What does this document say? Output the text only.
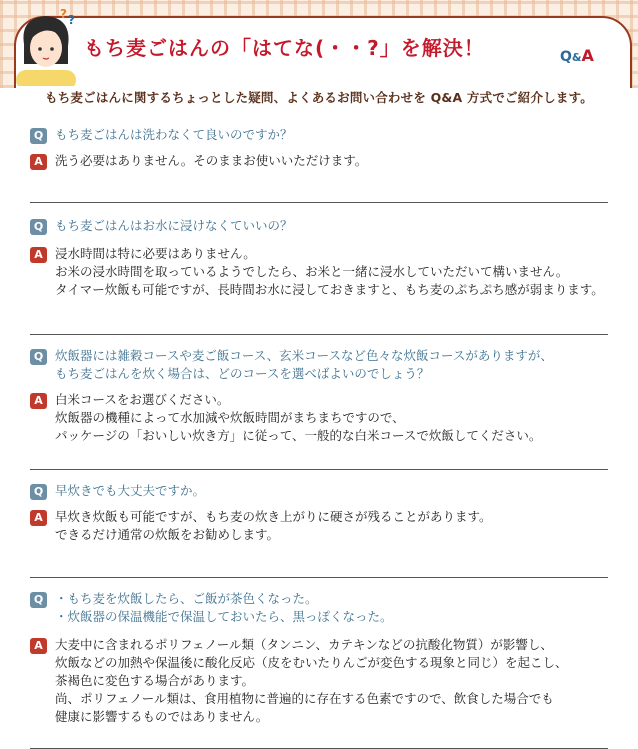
? ?
もち麦ごはんの「はてな(・・?」を解決！	Q&A
もち麦ごはんに関するちょっとした疑問、よくあるお問い合わせを Q&A 方式でご紹介します。
Q もち麦ごはんは洗わなくて良いのですか？
A 洗う必要はありません。そのままお使いいただけます。
Q もち麦ごはんはお水に浸けなくていいの？
A 浸水時間は特に必要はありません。
お米の浸水時間を取っているようでしたら、お米と一緒に浸水していただいて構いません。
タイマー炊飯も可能ですが、長時間お水に浸しておきますと、もち麦のぷちぷち感が弱まります。
Q 炊飯器には雑穀コースや麦ご飯コース、玄米コースなど色々な炊飯コースがありますが、
もち麦ごはんを炊く場合は、どのコースを選べばよいのでしょう？
A 白米コースをお選びください。
炊飯器の機種によって水加減や炊飯時間がまちまちですので、
パッケージの「おいしい炊き方」に従って、一般的な白米コースで炊飯してください。
Q 早炊きでも大丈夫ですか。
A 早炊き炊飯も可能ですが、もち麦の炊き上がりに硬さが残ることがあります。
できるだけ通常の炊飯をお勧めします。
Q ・もち麦を炊飯したら、ご飯が茶色くなった。
・炊飯器の保温機能で保温しておいたら、黒っぽくなった。
A 大麦中に含まれるポリフェノール類（タンニン、カテキンなどの抗酸化物質）が影響し、
炊飯などの加熱や保温後に酸化反応（皮をむいたりんごが変色する現象と同じ）を起こし、
茶褐色に変色する場合があります。
尚、ポリフェノール類は、食用植物に普遍的に存在する色素ですので、飲食した場合でも
健康に影響するものではありません。
